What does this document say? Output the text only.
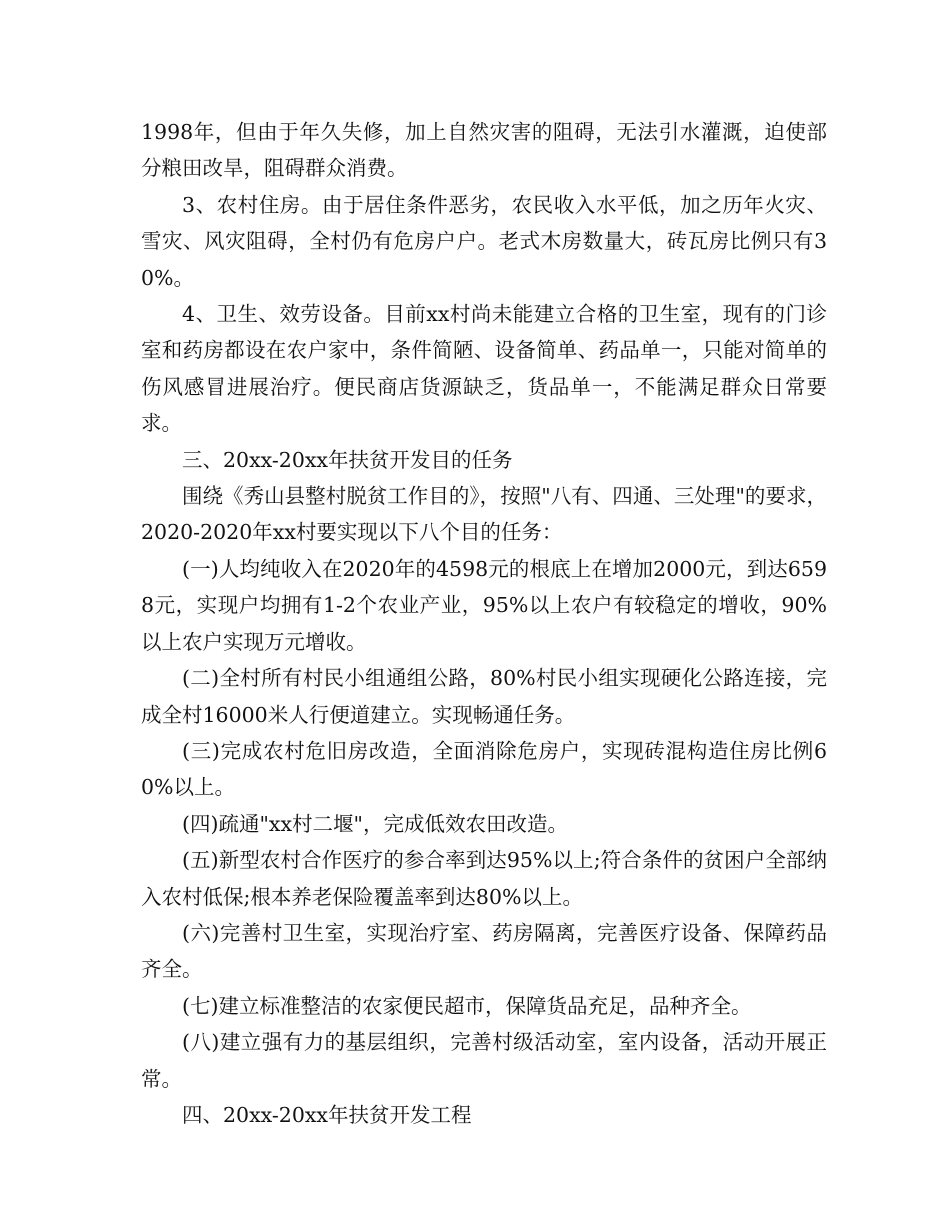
1998年，但由于年久失修，加上自然灾害的阻碍，无法引水灌溉，迫使部分粮田改旱，阻碍群众消费。

3、农村住房。由于居住条件恶劣，农民收入水平低，加之历年火灾、雪灾、风灾阻碍，全村仍有危房户户。老式木房数量大，砖瓦房比例只有30%。

4、卫生、效劳设备。目前xx村尚未能建立合格的卫生室，现有的门诊室和药房都设在农户家中，条件简陋、设备简单、药品单一，只能对简单的伤风感冒进展治疗。便民商店货源缺乏，货品单一，不能满足群众日常要求。

三、20xx-20xx年扶贫开发目的任务

围绕《秀山县整村脱贫工作目的》，按照"八有、四通、三处理"的要求，2020-2020年xx村要实现以下八个目的任务：

(一)人均纯收入在2020年的4598元的根底上在增加2000元，到达6598元，实现户均拥有1-2个农业产业，95%以上农户有较稳定的增收，90%以上农户实现万元增收。

(二)全村所有村民小组通组公路，80%村民小组实现硬化公路连接，完成全村16000米人行便道建立。实现畅通任务。

(三)完成农村危旧房改造，全面消除危房户，实现砖混构造住房比例60%以上。

(四)疏通"xx村二堰"，完成低效农田改造。

(五)新型农村合作医疗的参合率到达95%以上;符合条件的贫困户全部纳入农村低保;根本养老保险覆盖率到达80%以上。

(六)完善村卫生室，实现治疗室、药房隔离，完善医疗设备、保障药品齐全。

(七)建立标准整洁的农家便民超市，保障货品充足，品种齐全。

(八)建立强有力的基层组织，完善村级活动室，室内设备，活动开展正常。

四、20xx-20xx年扶贫开发工程
